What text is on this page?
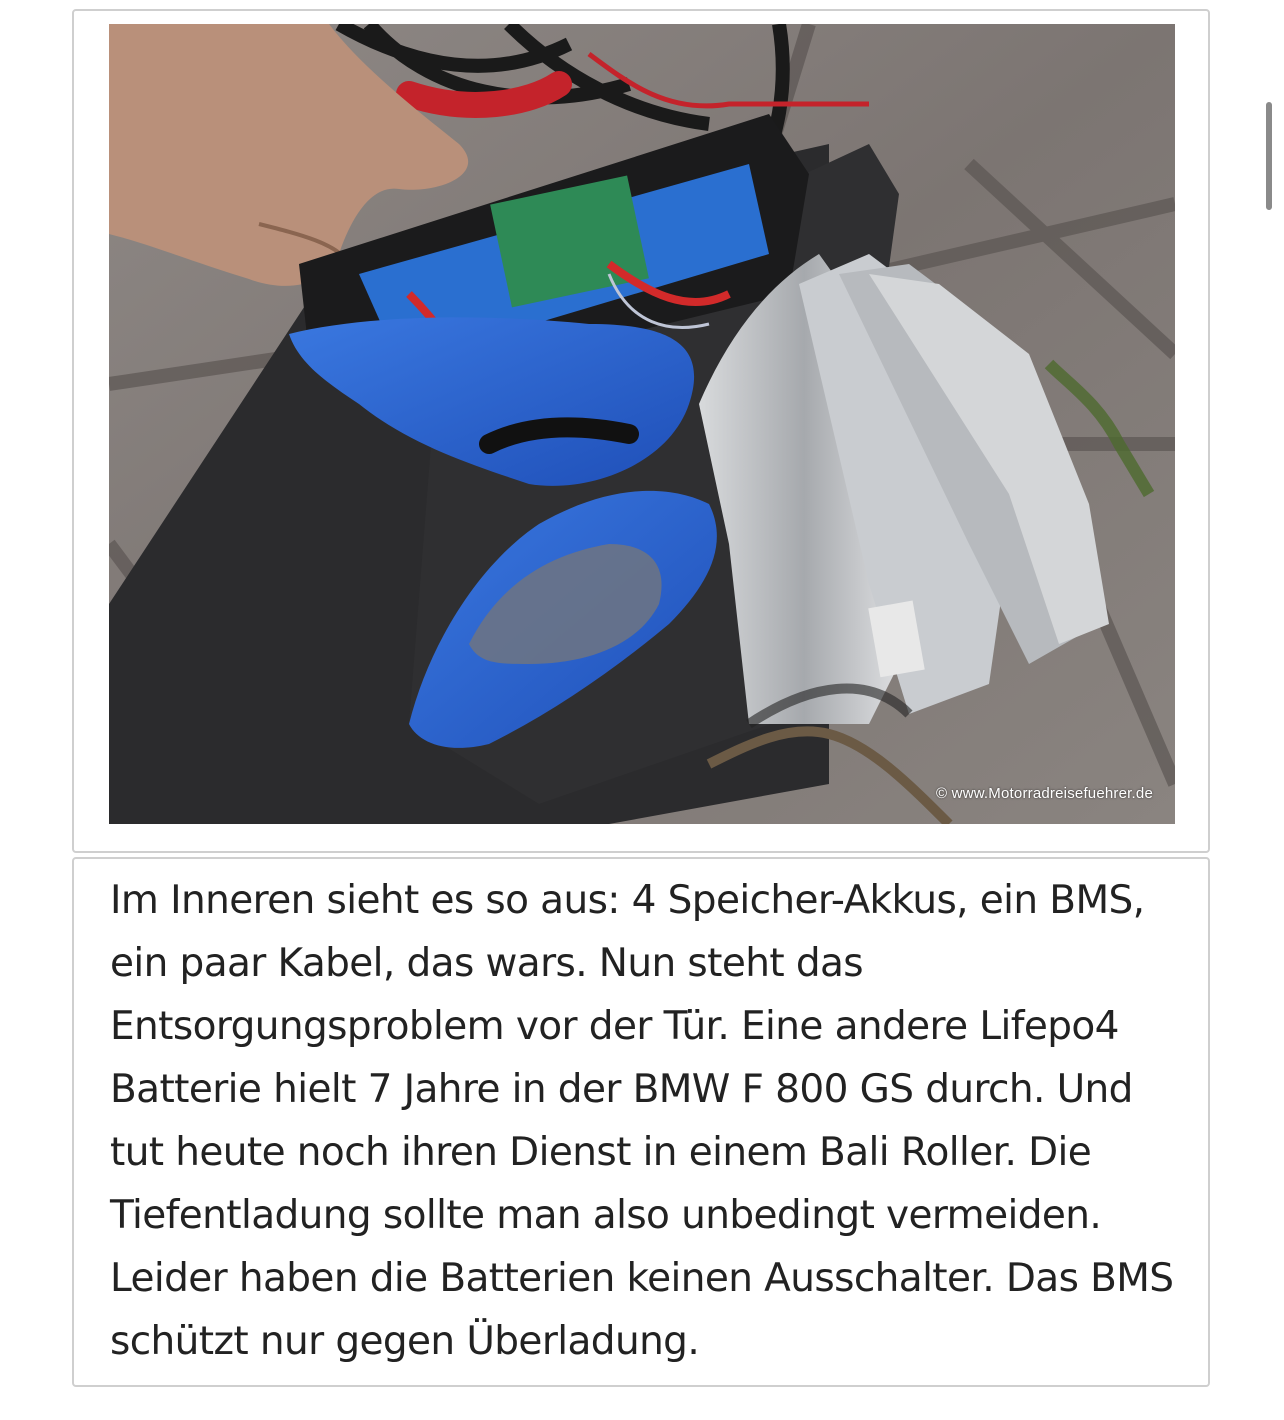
© www.Motorradreisefuehrer.de

Im Inneren sieht es so aus: 4 Speicher-Akkus, ein BMS, ein paar Kabel, das wars. Nun steht das Entsorgungsproblem vor der Tür. Eine andere Lifepo4 Batterie hielt 7 Jahre in der BMW F 800 GS durch. Und tut heute noch ihren Dienst in einem Bali Roller. Die Tiefentladung sollte man also unbedingt vermeiden. Leider haben die Batterien keinen Ausschalter. Das BMS schützt nur gegen Überladung.
